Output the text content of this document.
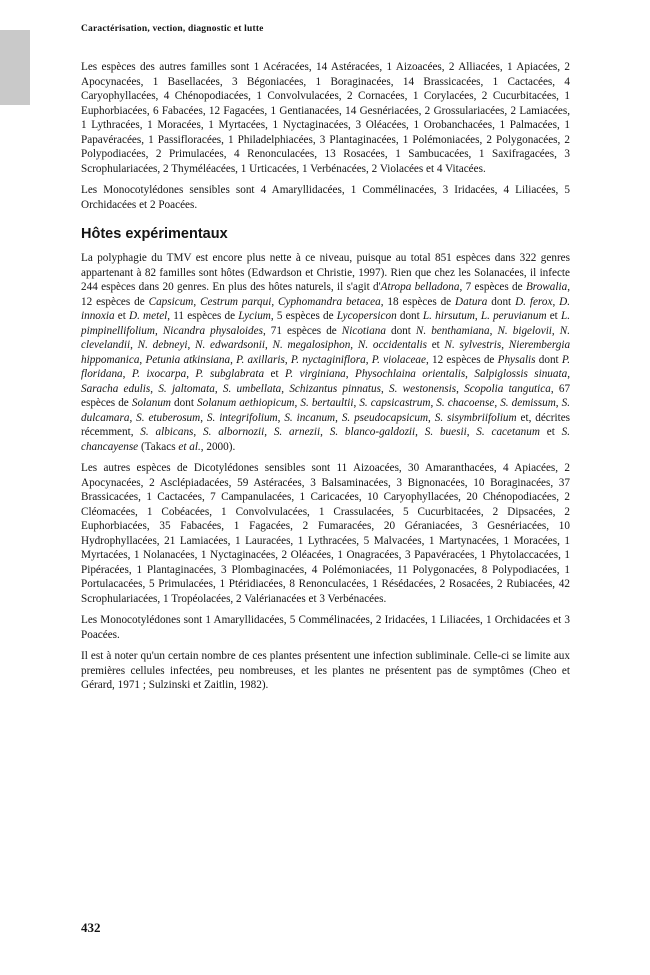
Caractérisation, vection, diagnostic et lutte

Les espèces des autres familles sont 1 Acéracées, 14 Astéracées, 1 Aizoacées, 2 Alliacées, 1 Apiacées, 2 Apocynacées, 1 Basellacées, 3 Bégoniacées, 1 Boraginacées, 14 Brassicacées, 1 Cactacées, 4 Caryophyllacées, 4 Chénopodiacées, 1 Convolvulacées, 2 Cornacées, 1 Corylacées, 2 Cucurbitacées, 1 Euphorbiacées, 6 Fabacées, 12 Fagacées, 1 Gentianacées, 14 Gesnériacées, 2 Grossulariacées, 2 Lamiacées, 1 Lythracées, 1 Moracées, 1 Myrtacées, 1 Nyctaginacées, 3 Oléacées, 1 Orobanchacées, 1 Palmacées, 1 Papavéracées, 1 Passifloracées, 1 Philadelphiacées, 3 Plantaginacées, 1 Polémoniacées, 2 Polygonacées, 2 Polypodiacées, 2 Primulacées, 4 Renonculacées, 13 Rosacées, 1 Sambucacées, 1 Saxifragacées, 3 Scrophulariacées, 2 Thyméléacées, 1 Urticacées, 1 Verbénacées, 2 Violacées et 4 Vitacées.

Les Monocotylédones sensibles sont 4 Amaryllidacées, 1 Commélinacées, 3 Iridacées, 4 Liliacées, 5 Orchidacées et 2 Poacées.

Hôtes expérimentaux

La polyphagie du TMV est encore plus nette à ce niveau, puisque au total 851 espèces dans 322 genres appartenant à 82 familles sont hôtes (Edwardson et Christie, 1997). Rien que chez les Solanacées, il infecte 244 espèces dans 20 genres. En plus des hôtes naturels, il s'agit d'Atropa belladona, 7 espèces de Browalia, 12 espèces de Capsicum, Cestrum parqui, Cyphomandra betacea, 18 espèces de Datura dont D. ferox, D. innoxia et D. metel, 11 espèces de Lycium, 5 espèces de Lycopersicon dont L. hirsutum, L. peruvianum et L. pimpinellifolium, Nicandra physaloides, 71 espèces de Nicotiana dont N. benthamiana, N. bigelovii, N. clevelandii, N. debneyi, N. edwardsonii, N. megalosiphon, N. occidentalis et N. sylvestris, Nierembergia hippomanica, Petunia atkinsiana, P. axillaris, P. nyctaginiflora, P. violaceae, 12 espèces de Physalis dont P. floridana, P. ixocarpa, P. subglabrata et P. virginiana, Physochlaina orientalis, Salpiglossis sinuata, Saracha edulis, S. jaltomata, S. umbellata, Schizantus pinnatus, S. westonensis, Scopolia tangutica, 67 espèces de Solanum dont Solanum aethiopicum, S. bertaultii, S. capsicastrum, S. chacoense, S. demissum, S. dulcamara, S. etuberosum, S. integrifolium, S. incanum, S. pseudocapsicum, S. sisymbriifolium et, décrites récemment, S. albicans, S. albornozii, S. arnezii, S. blanco-galdozii, S. buesii, S. cacetanum et S. chancayense (Takacs et al., 2000).

Les autres espèces de Dicotylédones sensibles sont 11 Aizoacées, 30 Amaranthacées, 4 Apiacées, 2 Apocynacées, 2 Asclépiadacées, 59 Astéracées, 3 Balsaminacées, 3 Bignonacées, 10 Boraginacées, 37 Brassicacées, 1 Cactacées, 7 Campanulacées, 1 Caricacées, 10 Caryophyllacées, 20 Chénopodiacées, 2 Cléomacées, 1 Cobéacées, 1 Convolvulacées, 1 Crassulacées, 5 Cucurbitacées, 2 Dipsacées, 2 Euphorbiacées, 35 Fabacées, 1 Fagacées, 2 Fumaracées, 20 Géraniacées, 3 Gesnériacées, 10 Hydrophyllacées, 21 Lamiacées, 1 Lauracées, 1 Lythracées, 5 Malvacées, 1 Martynacées, 1 Moracées, 1 Myrtacées, 1 Nolanacées, 1 Nyctaginacées, 2 Oléacées, 1 Onagracées, 3 Papavéracées, 1 Phytolaccacées, 1 Pipéracées, 1 Plantaginacées, 3 Plombaginacées, 4 Polémoniacées, 11 Polygonacées, 8 Polypodiacées, 1 Portulacacées, 5 Primulacées, 1 Ptéridiacées, 8 Renonculacées, 1 Résédacées, 2 Rosacées, 2 Rubiacées, 42 Scrophulariacées, 1 Tropéolacées, 2 Valérianacées et 3 Verbénacées.

Les Monocotylédones sont 1 Amaryllidacées, 5 Commélinacées, 2 Iridacées, 1 Liliacées, 1 Orchidacées et 3 Poacées.

Il est à noter qu'un certain nombre de ces plantes présentent une infection subliminale. Celle-ci se limite aux premières cellules infectées, peu nombreuses, et les plantes ne présentent pas de symptômes (Cheo et Gérard, 1971 ; Sulzinski et Zaitlin, 1982).

432
